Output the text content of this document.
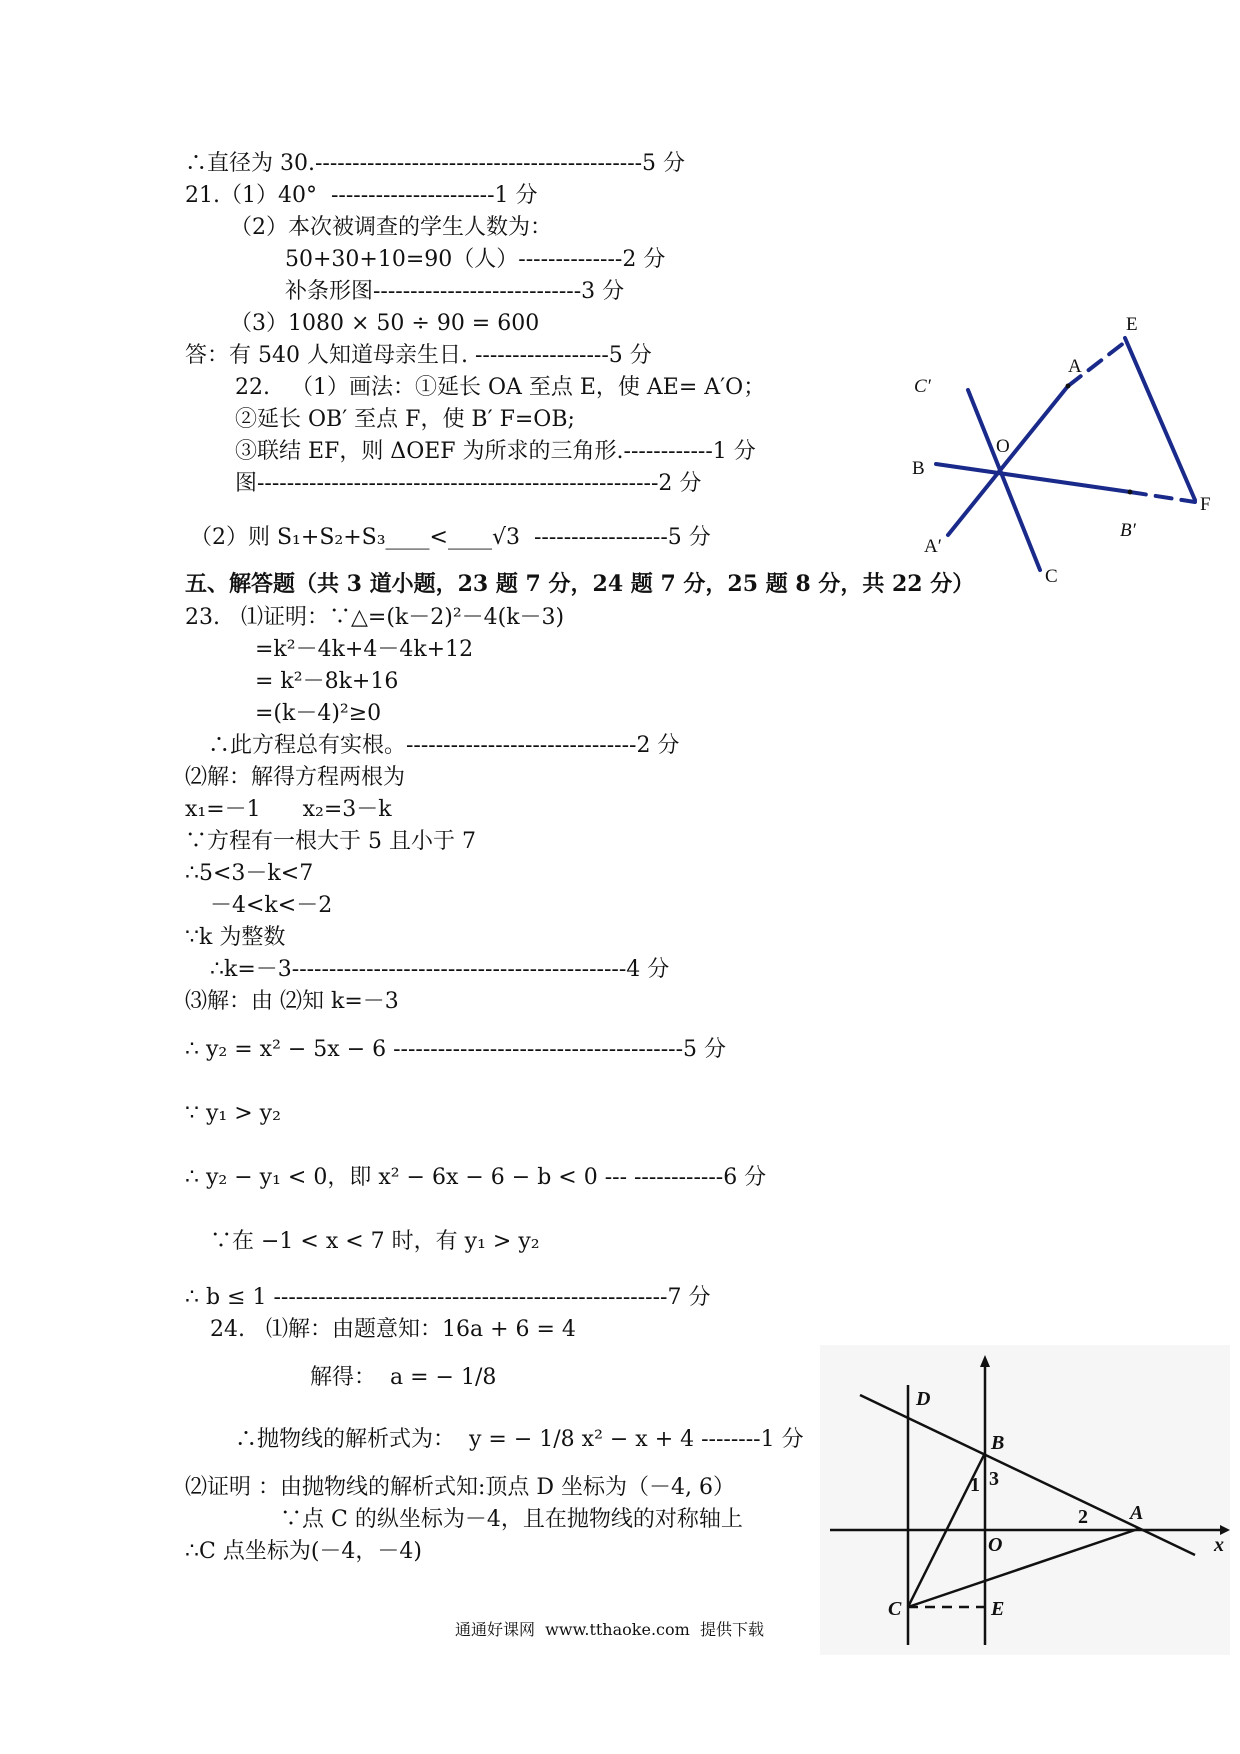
∴直径为 30.--------------------------------------------5 分
21.（1）40°  ----------------------1 分
（2）本次被调查的学生人数为：
50+30+10=90（人）--------------2 分
补条形图----------------------------3 分
（3）1080 × 50 ÷ 90 = 600
答：有 540 人知道母亲生日. ------------------5 分
22.   （1）画法：①延长 OA 至点 E，使 AE= A′O；
②延长 OB′ 至点 F，使 B′ F=OB;
③联结 EF，则 ΔOEF 为所求的三角形.------------1 分
图------------------------------------------------------2 分
（2）则 S₁+S₂+S₃____<____√3  ------------------5 分
五、解答题（共 3 道小题，23 题 7 分，24 题 7 分，25 题 8 分，共 22 分）
23.   ⑴证明：∵△=(k－2)²－4(k－3)
=k²－4k+4－4k+12
= k²－8k+16
=(k－4)²≥0
∴此方程总有实根。-------------------------------2 分
⑵解：解得方程两根为
x₁=－1      x₂=3－k
∵方程有一根大于 5 且小于 7
∴5<3－k<7
－4<k<－2
∵k 为整数
∴k=－3---------------------------------------------4 分
⑶解：由 ⑵知 k=－3
∴ y₂ = x² − 5x − 6 ---------------------------------------5 分
∵ y₁ > y₂
∴ y₂ − y₁ < 0，即 x² − 6x − 6 − b < 0 --- ------------6 分
∵在 −1 < x < 7 时，有 y₁ > y₂
∴ b ≤ 1 -----------------------------------------------------7 分
24.   ⑴解：由题意知：16a + 6 = 4
解得：  a = − 1/8
∴抛物线的解析式为：  y = − 1/8 x² − x + 4 --------1 分
⑵证明 ：由抛物线的解析式知:顶点 D 坐标为（－4, 6）
∵点 C 的纵坐标为－4，且在抛物线的对称轴上
∴C 点坐标为(－4，－4)
通通好课网  www.tthaoke.com  提供下载
E
A
C′
O
B
F
B′
A′
C
D
B
1 3
2 A
O	x
C	E
